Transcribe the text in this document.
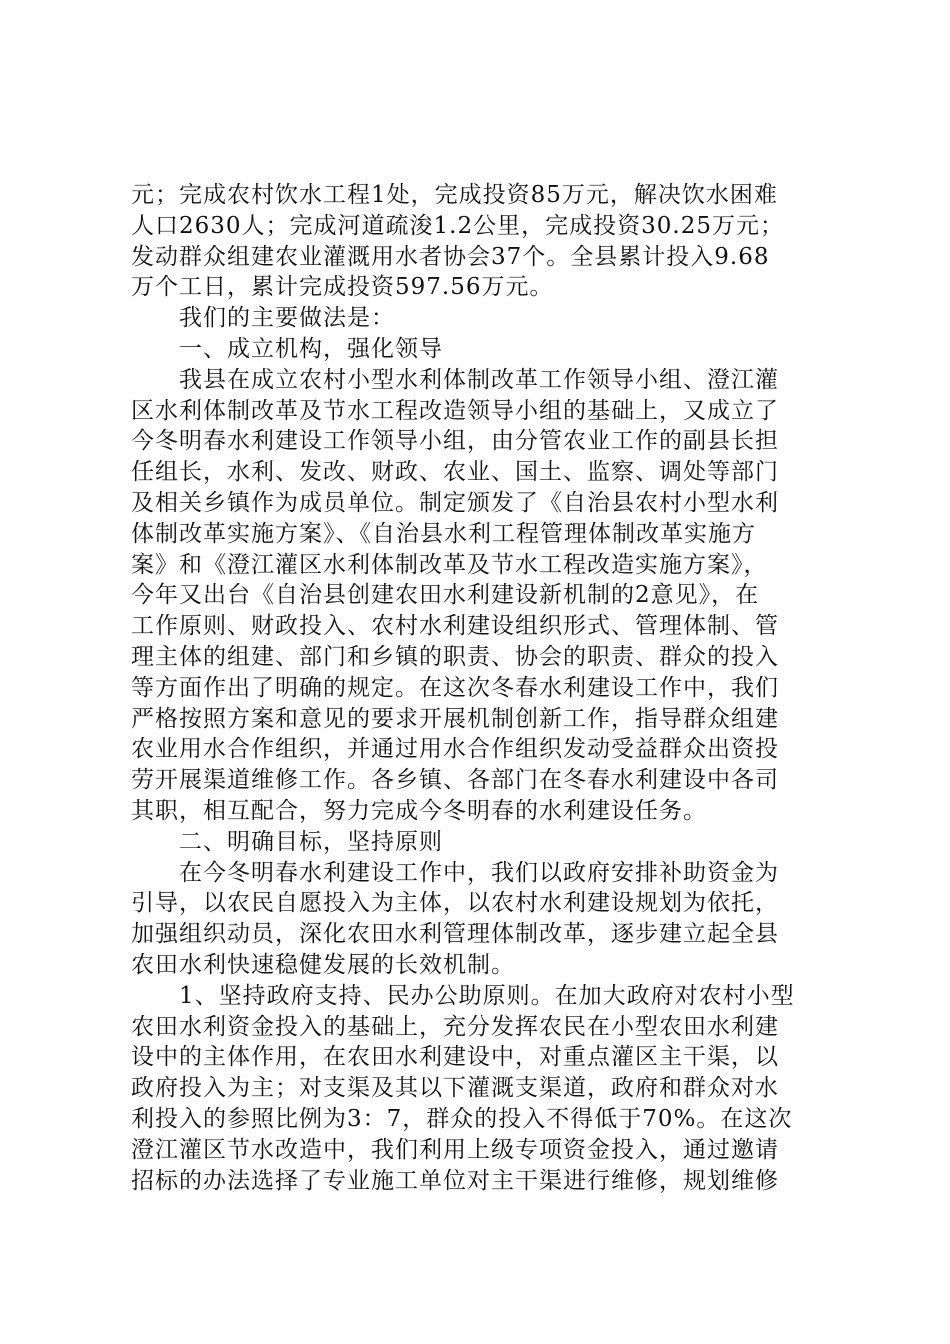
元；完成农村饮水工程1处，完成投资85万元，解决饮水困难
人口2630人；完成河道疏浚1.2公里，完成投资30.25万元；
发动群众组建农业灌溉用水者协会37个。全县累计投入9.68
万个工日，累计完成投资597.56万元。
我们的主要做法是：
一、成立机构，强化领导
我县在成立农村小型水利体制改革工作领导小组、澄江灌
区水利体制改革及节水工程改造领导小组的基础上，又成立了
今冬明春水利建设工作领导小组，由分管农业工作的副县长担
任组长，水利、发改、财政、农业、国土、监察、调处等部门
及相关乡镇作为成员单位。制定颁发了《自治县农村小型水利
体制改革实施方案》、《自治县水利工程管理体制改革实施方
案》和《澄江灌区水利体制改革及节水工程改造实施方案》，
今年又出台《自治县创建农田水利建设新机制的2意见》，在
工作原则、财政投入、农村水利建设组织形式、管理体制、管
理主体的组建、部门和乡镇的职责、协会的职责、群众的投入
等方面作出了明确的规定。在这次冬春水利建设工作中，我们
严格按照方案和意见的要求开展机制创新工作，指导群众组建
农业用水合作组织，并通过用水合作组织发动受益群众出资投
劳开展渠道维修工作。各乡镇、各部门在冬春水利建设中各司
其职，相互配合，努力完成今冬明春的水利建设任务。
二、明确目标，坚持原则
在今冬明春水利建设工作中，我们以政府安排补助资金为
引导，以农民自愿投入为主体，以农村水利建设规划为依托，
加强组织动员，深化农田水利管理体制改革，逐步建立起全县
农田水利快速稳健发展的长效机制。
1、坚持政府支持、民办公助原则。在加大政府对农村小型
农田水利资金投入的基础上，充分发挥农民在小型农田水利建
设中的主体作用，在农田水利建设中，对重点灌区主干渠，以
政府投入为主；对支渠及其以下灌溉支渠道，政府和群众对水
利投入的参照比例为3：7，群众的投入不得低于70%。在这次
澄江灌区节水改造中，我们利用上级专项资金投入，通过邀请
招标的办法选择了专业施工单位对主干渠进行维修，规划维修
